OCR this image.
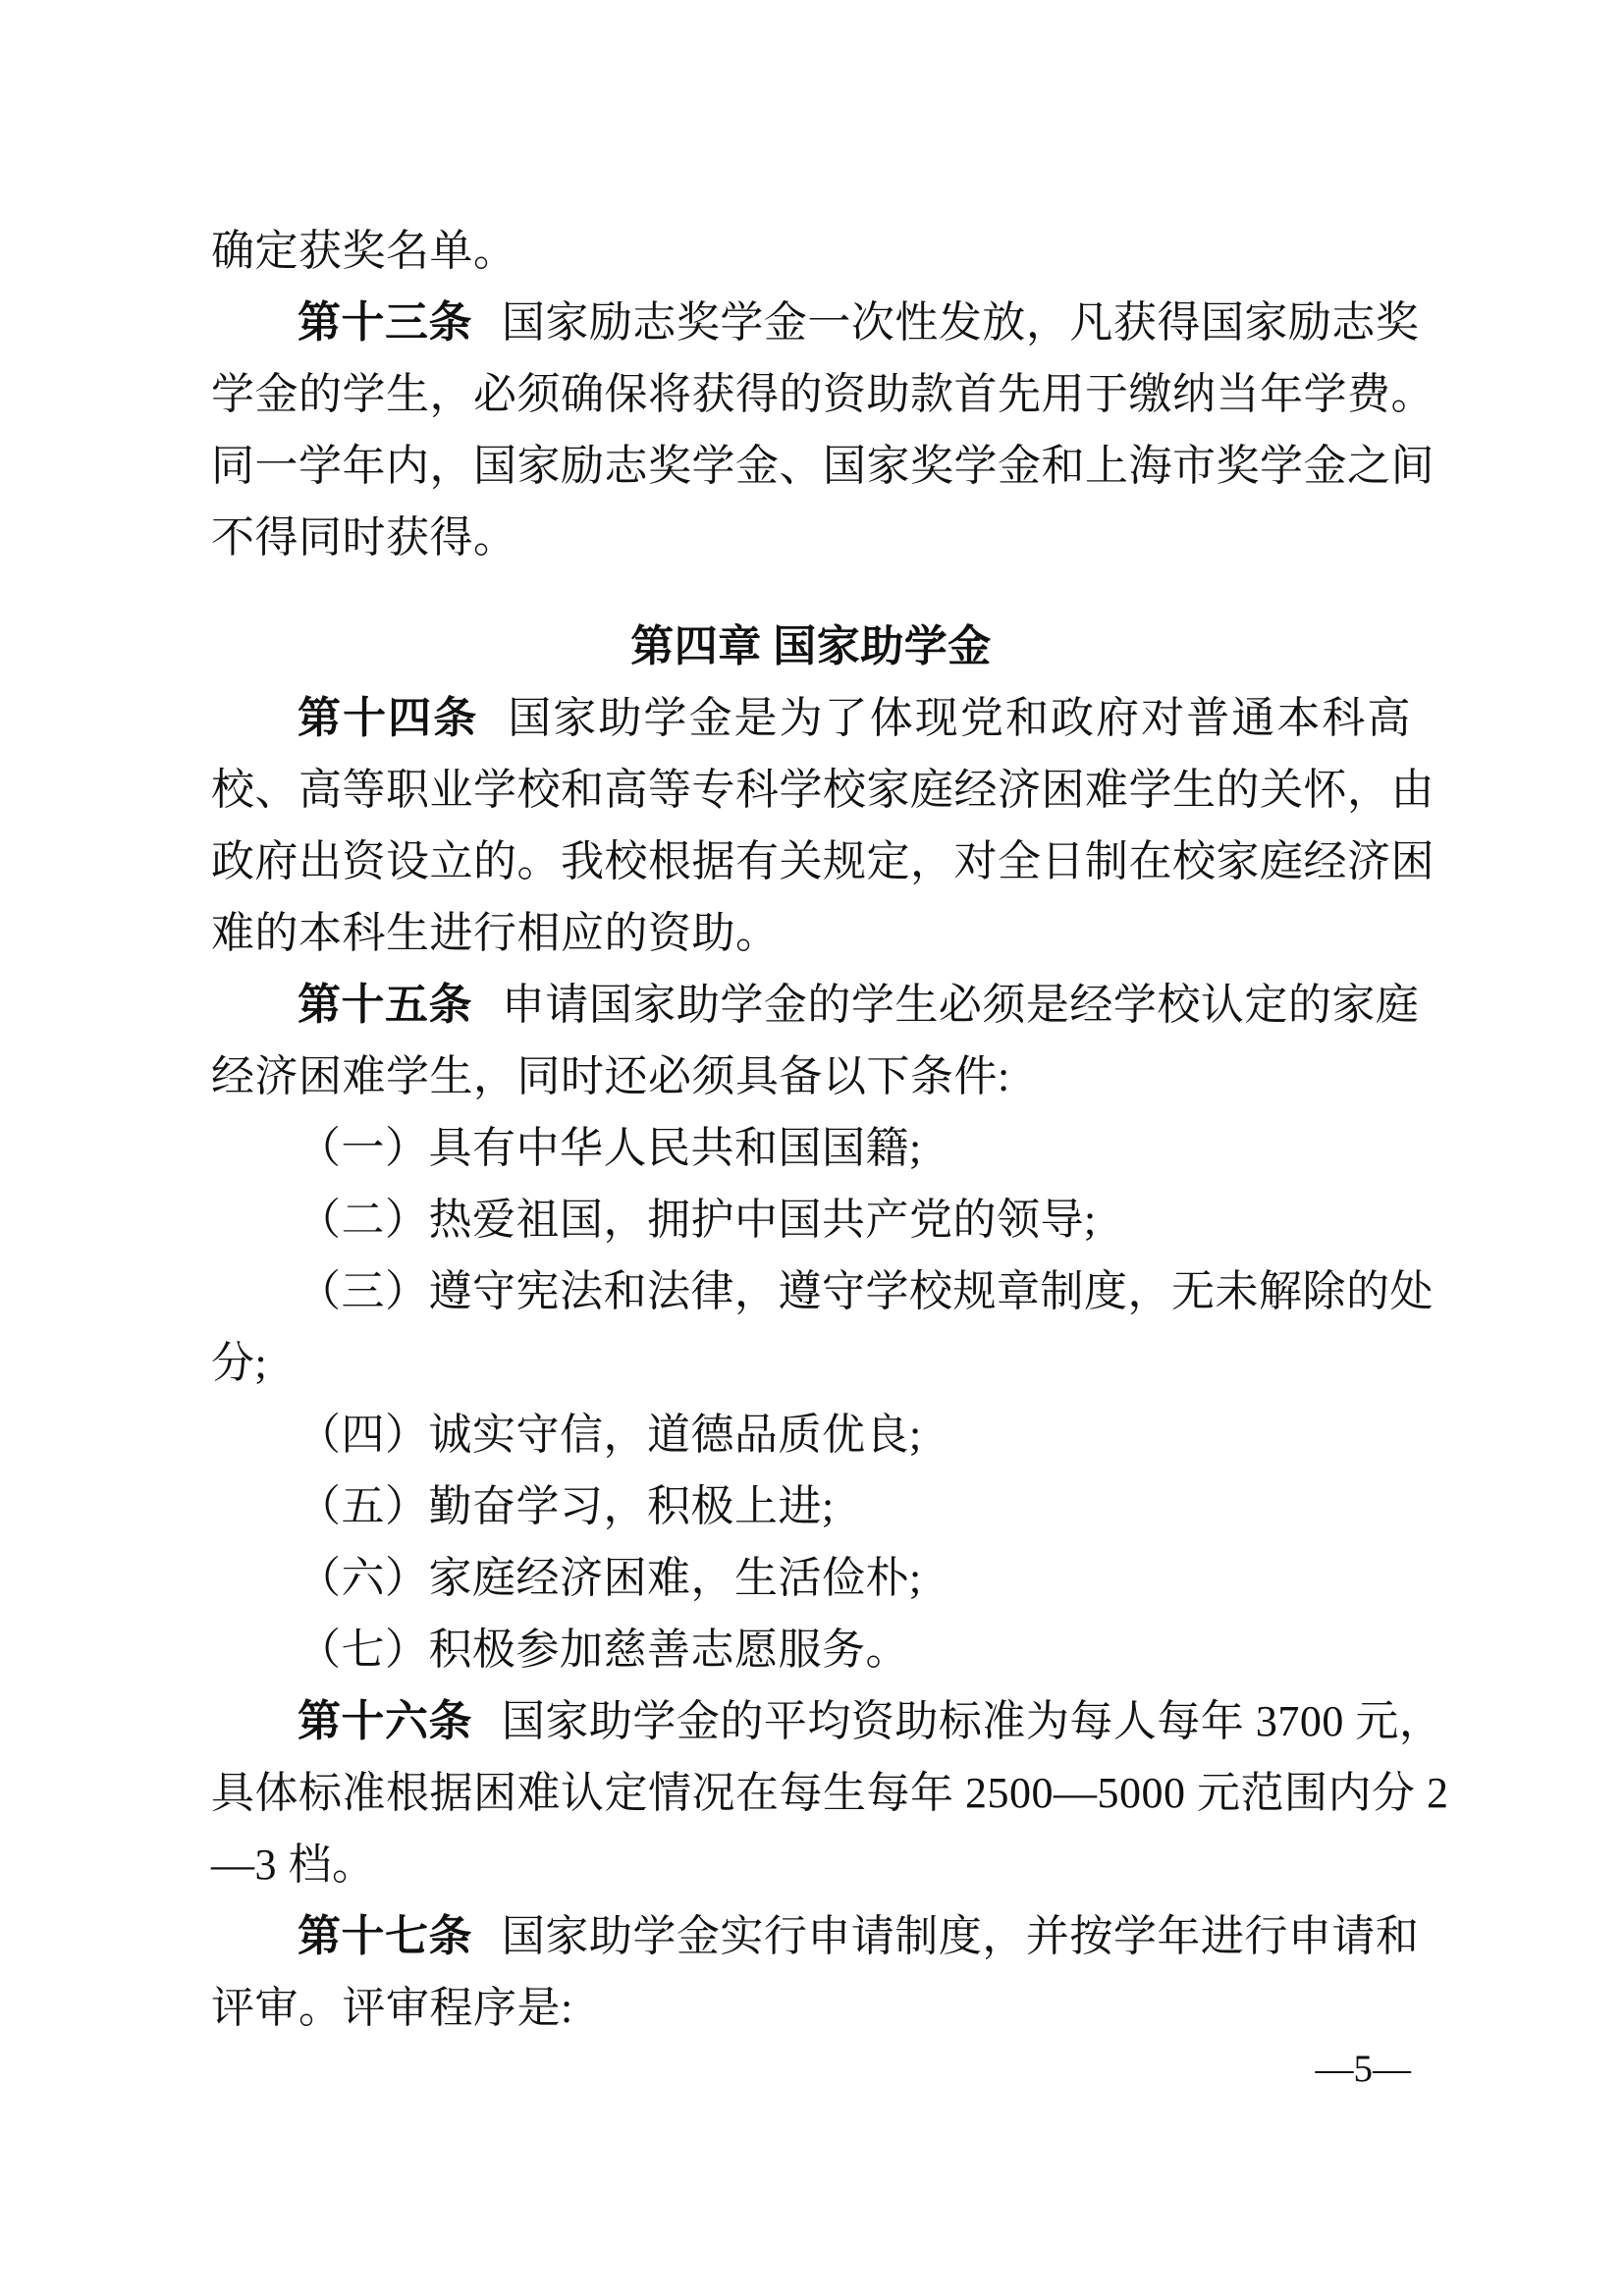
确定获奖名单。
第十三条 国家励志奖学金一次性发放，凡获得国家励志奖
学金的学生，必须确保将获得的资助款首先用于缴纳当年学费。
同一学年内，国家励志奖学金、国家奖学金和上海市奖学金之间
不得同时获得。
第四章 国家助学金
第十四条 国家助学金是为了体现党和政府对普通本科高
校、高等职业学校和高等专科学校家庭经济困难学生的关怀，由
政府出资设立的。我校根据有关规定，对全日制在校家庭经济困
难的本科生进行相应的资助。
第十五条 申请国家助学金的学生必须是经学校认定的家庭
经济困难学生，同时还必须具备以下条件:
（一）具有中华人民共和国国籍;
（二）热爱祖国，拥护中国共产党的领导;
（三）遵守宪法和法律，遵守学校规章制度，无未解除的处
分;
（四）诚实守信，道德品质优良;
（五）勤奋学习，积极上进;
（六）家庭经济困难，生活俭朴;
（七）积极参加慈善志愿服务。
第十六条 国家助学金的平均资助标准为每人每年 3700 元，
具体标准根据困难认定情况在每生每年 2500—5000 元范围内分 2
—3 档。
第十七条 国家助学金实行申请制度，并按学年进行申请和
评审。评审程序是:
—5—
